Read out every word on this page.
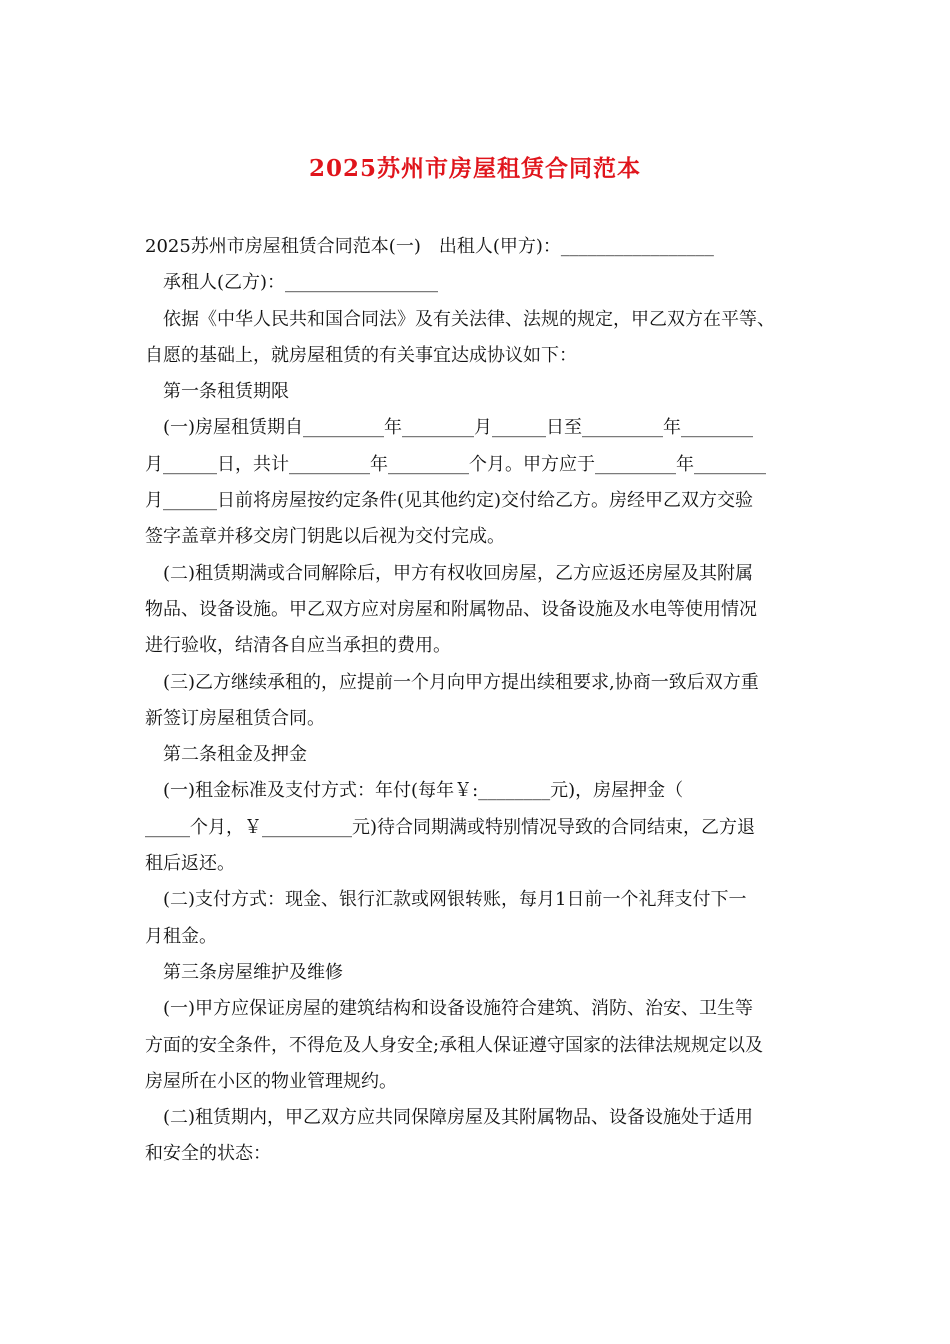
2025苏州市房屋租赁合同范本

2025苏州市房屋租赁合同范本(一)　出租人(甲方)：_________________

承租人(乙方)：_________________

依据《中华人民共和国合同法》及有关法律、法规的规定，甲乙双方在平等、

自愿的基础上，就房屋租赁的有关事宜达成协议如下：

第一条租赁期限

(一)房屋租赁期自_________年________月______日至_________年________

月______日，共计_________年_________个月。甲方应于_________年________

月______日前将房屋按约定条件(见其他约定)交付给乙方。房经甲乙双方交验

签字盖章并移交房门钥匙以后视为交付完成。

(二)租赁期满或合同解除后，甲方有权收回房屋，乙方应返还房屋及其附属

物品、设备设施。甲乙双方应对房屋和附属物品、设备设施及水电等使用情况

进行验收，结清各自应当承担的费用。

(三)乙方继续承租的，应提前一个月向甲方提出续租要求,协商一致后双方重

新签订房屋租赁合同。

第二条租金及押金

(一)租金标准及支付方式：年付(每年￥:________元)，房屋押金（

_____个月，￥__________元)待合同期满或特别情况导致的合同结束，乙方退

租后返还。

(二)支付方式：现金、银行汇款或网银转账，每月1日前一个礼拜支付下一

月租金。

第三条房屋维护及维修

(一)甲方应保证房屋的建筑结构和设备设施符合建筑、消防、治安、卫生等

方面的安全条件，不得危及人身安全;承租人保证遵守国家的法律法规规定以及

房屋所在小区的物业管理规约。

(二)租赁期内，甲乙双方应共同保障房屋及其附属物品、设备设施处于适用

和安全的状态：
